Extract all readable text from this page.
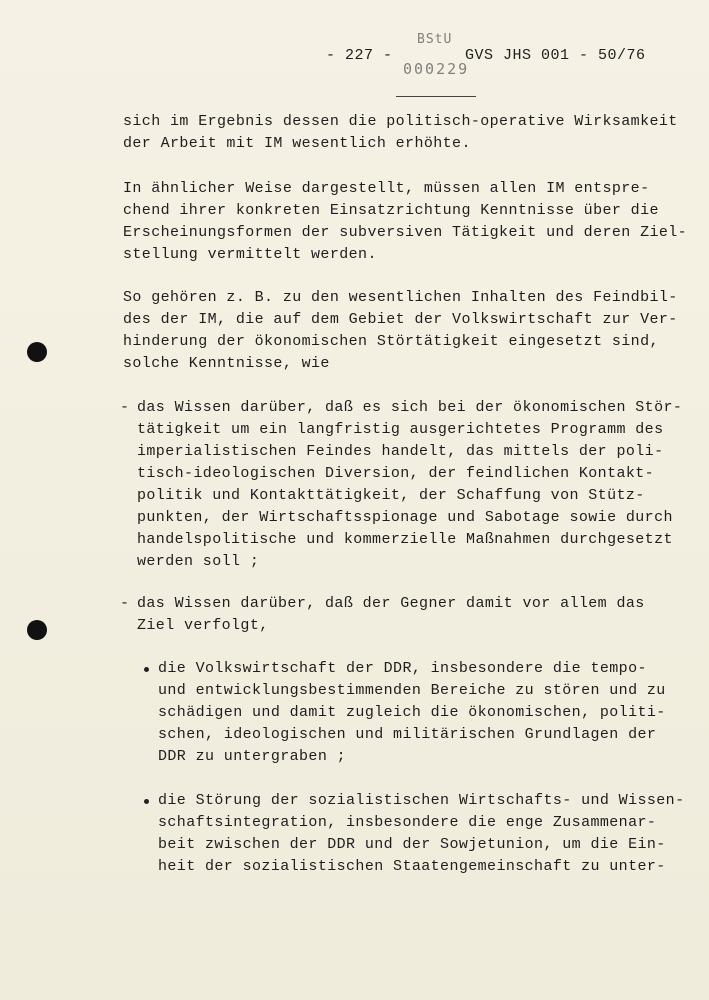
- 227 -
BStU
000229
GVS JHS 001 - 50/76
sich im Ergebnis dessen die politisch-operative Wirksamkeit
der Arbeit mit IM wesentlich erhöhte.
In ähnlicher Weise dargestellt, müssen allen IM entspre-
chend ihrer konkreten Einsatzrichtung Kenntnisse über die
Erscheinungsformen der subversiven Tätigkeit und deren Ziel-
stellung vermittelt werden.
So gehören z. B. zu den wesentlichen Inhalten des Feindbil-
des der IM, die auf dem Gebiet der Volkswirtschaft zur Ver-
hinderung der ökonomischen Störtätigkeit eingesetzt sind,
solche Kenntnisse, wie
- das Wissen darüber, daß es sich bei der ökonomischen Stör-
tätigkeit um ein langfristig ausgerichtetes Programm des
imperialistischen Feindes handelt, das mittels der poli-
tisch-ideologischen Diversion, der feindlichen Kontakt-
politik und Kontakttätigkeit, der Schaffung von Stütz-
punkten, der Wirtschaftsspionage und Sabotage sowie durch
handelspolitische und kommerzielle Maßnahmen durchgesetzt
werden soll ;
- das Wissen darüber, daß der Gegner damit vor allem das
Ziel verfolgt,
die Volkswirtschaft der DDR, insbesondere die tempo-
und entwicklungsbestimmenden Bereiche zu stören und zu
schädigen und damit zugleich die ökonomischen, politi-
schen, ideologischen und militärischen Grundlagen der
DDR zu untergraben ;
die Störung der sozialistischen Wirtschafts- und Wissen-
schaftsintegration, insbesondere die enge Zusammenar-
beit zwischen der DDR und der Sowjetunion, um die Ein-
heit der sozialistischen Staatengemeinschaft zu unter-
